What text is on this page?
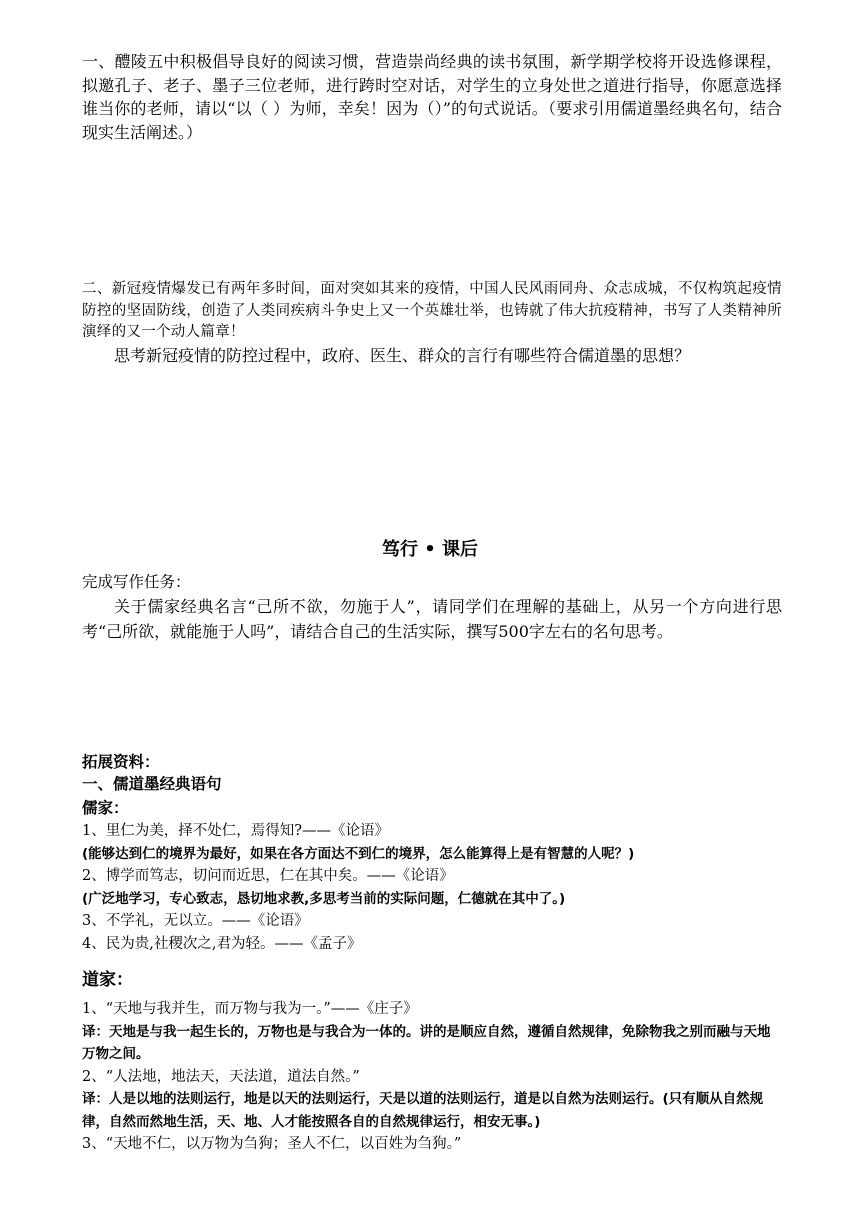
一、醴陵五中积极倡导良好的阅读习惯，营造崇尚经典的读书氛围，新学期学校将开设选修课程，拟邀孔子、老子、墨子三位老师，进行跨时空对话，对学生的立身处世之道进行指导，你愿意选择谁当你的老师，请以“以（ ）为师，幸矣！因为（）”的句式说话。（要求引用儒道墨经典名句，结合现实生活阐述。）

二、新冠疫情爆发已有两年多时间，面对突如其来的疫情，中国人民风雨同舟、众志成城，不仅构筑起疫情防控的坚固防线，创造了人类同疾病斗争史上又一个英雄壮举，也铸就了伟大抗疫精神，书写了人类精神所演绎的又一个动人篇章！

思考新冠疫情的防控过程中，政府、医生、群众的言行有哪些符合儒道墨的思想？

笃行 • 课后

完成写作任务：

关于儒家经典名言“己所不欲，勿施于人”，请同学们在理解的基础上，从另一个方向进行思考“己所欲，就能施于人吗”，请结合自己的生活实际，撰写500字左右的名句思考。

拓展资料：

一、儒道墨经典语句

儒家：

1、里仁为美，择不处仁，焉得知?——《论语》
(能够达到仁的境界为最好，如果在各方面达不到仁的境界，怎么能算得上是有智慧的人呢？)
2、博学而笃志，切问而近思，仁在其中矣。——《论语》
(广泛地学习，专心致志，恳切地求教,多思考当前的实际问题，仁德就在其中了。)
3、不学礼，无以立。——《论语》
4、民为贵,社稷次之,君为轻。——《孟子》
道家：
1、“天地与我并生，而万物与我为一。”——《庄子》
译：天地是与我一起生长的，万物也是与我合为一体的。讲的是顺应自然，遵循自然规律，免除物我之别而融与天地万物之间。
2、“人法地，地法天，天法道，道法自然。”
译：人是以地的法则运行，地是以天的法则运行，天是以道的法则运行，道是以自然为法则运行。(只有顺从自然规律，自然而然地生活，天、地、人才能按照各自的自然规律运行，相安无事。)
3、“天地不仁，以万物为刍狗；圣人不仁，以百姓为刍狗。”
